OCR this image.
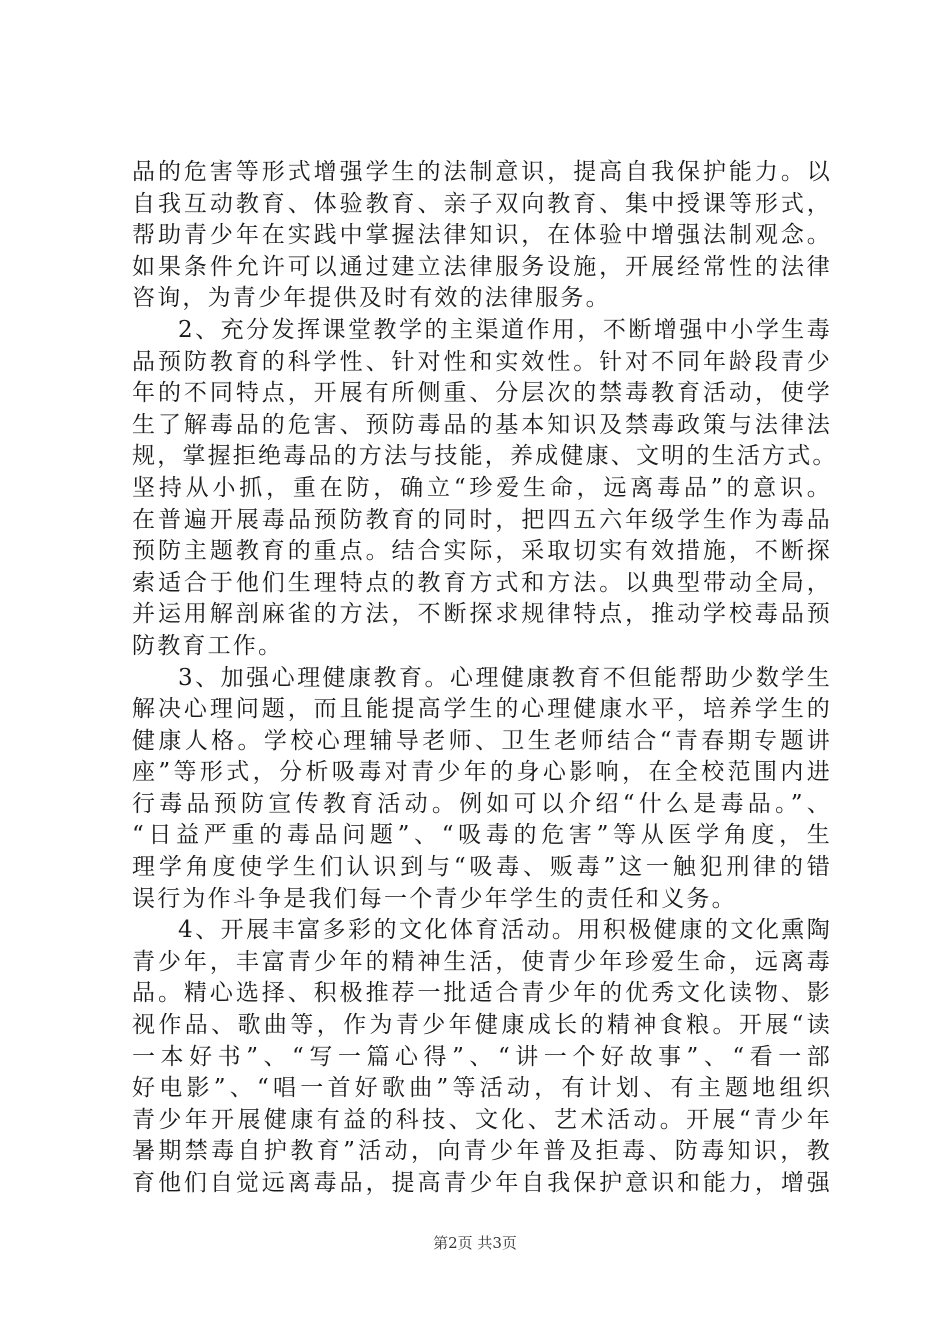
品的危害等形式增强学生的法制意识，提高自我保护能力。以
自我互动教育、体验教育、亲子双向教育、集中授课等形式，
帮助青少年在实践中掌握法律知识，在体验中增强法制观念。
如果条件允许可以通过建立法律服务设施，开展经常性的法律
咨询，为青少年提供及时有效的法律服务。
2、充分发挥课堂教学的主渠道作用，不断增强中小学生毒
品预防教育的科学性、针对性和实效性。针对不同年龄段青少
年的不同特点，开展有所侧重、分层次的禁毒教育活动，使学
生了解毒品的危害、预防毒品的基本知识及禁毒政策与法律法
规，掌握拒绝毒品的方法与技能，养成健康、文明的生活方式。
坚持从小抓，重在防，确立“珍爱生命，远离毒品”的意识。
在普遍开展毒品预防教育的同时，把四五六年级学生作为毒品
预防主题教育的重点。结合实际，采取切实有效措施，不断探
索适合于他们生理特点的教育方式和方法。以典型带动全局，
并运用解剖麻雀的方法，不断探求规律特点，推动学校毒品预
防教育工作。
3、加强心理健康教育。心理健康教育不但能帮助少数学生
解决心理问题，而且能提高学生的心理健康水平，培养学生的
健康人格。学校心理辅导老师、卫生老师结合“青春期专题讲
座”等形式，分析吸毒对青少年的身心影响，在全校范围内进
行毒品预防宣传教育活动。例如可以介绍“什么是毒品。”、
“日益严重的毒品问题”、“吸毒的危害”等从医学角度，生
理学角度使学生们认识到与“吸毒、贩毒”这一触犯刑律的错
误行为作斗争是我们每一个青少年学生的责任和义务。
4、开展丰富多彩的文化体育活动。用积极健康的文化熏陶
青少年，丰富青少年的精神生活，使青少年珍爱生命，远离毒
品。精心选择、积极推荐一批适合青少年的优秀文化读物、影
视作品、歌曲等，作为青少年健康成长的精神食粮。开展“读
一本好书”、“写一篇心得”、“讲一个好故事”、“看一部
好电影”、“唱一首好歌曲”等活动，有计划、有主题地组织
青少年开展健康有益的科技、文化、艺术活动。开展“青少年
暑期禁毒自护教育”活动，向青少年普及拒毒、防毒知识，教
育他们自觉远离毒品，提高青少年自我保护意识和能力，增强
第2页 共3页
